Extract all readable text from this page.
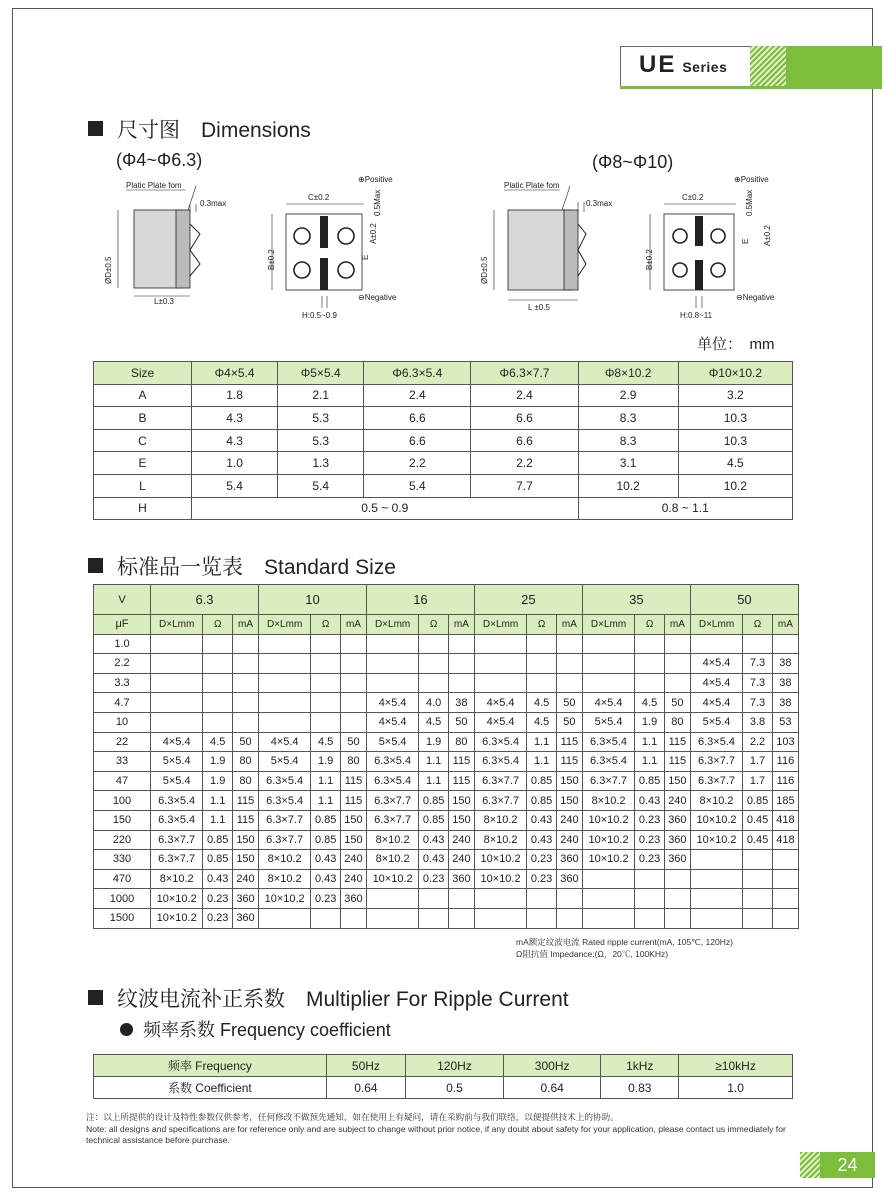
UE Series
尺寸图　Dimensions
(Φ4~Φ6.3)	(Φ8~Φ10)
Platic Plate fom
0.3max
ØD±0.5
L±0.3
C±0.2
⊕Positive
B±0.2
A±0.2
E
0.5Max
⊖Negative
H:0.5~0.9
Platic Plate fom
0.3max
ØD±0.5
L ±0.5
C±0.2
⊕Positive
B±0.2
A±0.2
E
0.5Max
⊖Negative
H:0.8~11
单位：　mm
Size	Φ4×5.4	Φ5×5.4	Φ6.3×5.4	Φ6.3×7.7	Φ8×10.2	Φ10×10.2
A	1.8	2.1	2.4	2.4	2.9	3.2
B	4.3	5.3	6.6	6.6	8.3	10.3
C	4.3	5.3	6.6	6.6	8.3	10.3
E	1.0	1.3	2.2	2.2	3.1	4.5
L	5.4	5.4	5.4	7.7	10.2	10.2
H	0.5 ~ 0.9				0.8 ~ 1.1	
标准品一览表　Standard Size
V	6.3			10			16			25			35			50		
μF	D×Lmm	Ω	mA	D×Lmm	Ω	mA	D×Lmm	Ω	mA	D×Lmm	Ω	mA	D×Lmm	Ω	mA	D×Lmm	Ω	mA
1.0																		
2.2																4×5.4	7.3	38
3.3																4×5.4	7.3	38
4.7							4×5.4	4.0	38	4×5.4	4.5	50	4×5.4	4.5	50	4×5.4	7.3	38
10							4×5.4	4.5	50	4×5.4	4.5	50	5×5.4	1.9	80	5×5.4	3.8	53
22	4×5.4	4.5	50	4×5.4	4.5	50	5×5.4	1.9	80	6.3×5.4	1.1	115	6.3×5.4	1.1	115	6.3×5.4	2.2	103
33	5×5.4	1.9	80	5×5.4	1.9	80	6.3×5.4	1.1	115	6.3×5.4	1.1	115	6.3×5.4	1.1	115	6.3×7.7	1.7	116
47	5×5.4	1.9	80	6.3×5.4	1.1	115	6.3×5.4	1.1	115	6.3×7.7	0.85	150	6.3×7.7	0.85	150	6.3×7.7	1.7	116
100	6.3×5.4	1.1	115	6.3×5.4	1.1	115	6.3×7.7	0.85	150	6.3×7.7	0.85	150	8×10.2	0.43	240	8×10.2	0.85	185
150	6.3×5.4	1.1	115	6.3×7.7	0.85	150	6.3×7.7	0.85	150	8×10.2	0.43	240	10×10.2	0.23	360	10×10.2	0.45	418
220	6.3×7.7	0.85	150	6.3×7.7	0.85	150	8×10.2	0.43	240	8×10.2	0.43	240	10×10.2	0.23	360	10×10.2	0.45	418
330	6.3×7.7	0.85	150	8×10.2	0.43	240	8×10.2	0.43	240	10×10.2	0.23	360	10×10.2	0.23	360			
470	8×10.2	0.43	240	8×10.2	0.43	240	10×10.2	0.23	360	10×10.2	0.23	360						
1000	10×10.2	0.23	360	10×10.2	0.23	360												
1500	10×10.2	0.23	360															
mA额定纹波电流 Rated ripple current(mA, 105℃, 120Hz)
Ω阻抗值 Impedance:(Ω，20℃, 100KHz)
纹波电流补正系数　Multiplier For Ripple Current
频率系数 Frequency coefficient
频率 Frequency	50Hz	120Hz	300Hz	1kHz	≥10kHz
系数 Coefficient	0.64	0.5	0.64	0.83	1.0
注：以上所提供的设计及特性参数仅供参考，任何修改不做预先通知，如在使用上有疑问，请在采购前与我们联络，以便提供技术上的协助。
Note: all designs and specifications are for reference only and are subject to change without prior notice, if any doubt about safety for your application, please contact us immediately for technical assistance before purchase.
24
